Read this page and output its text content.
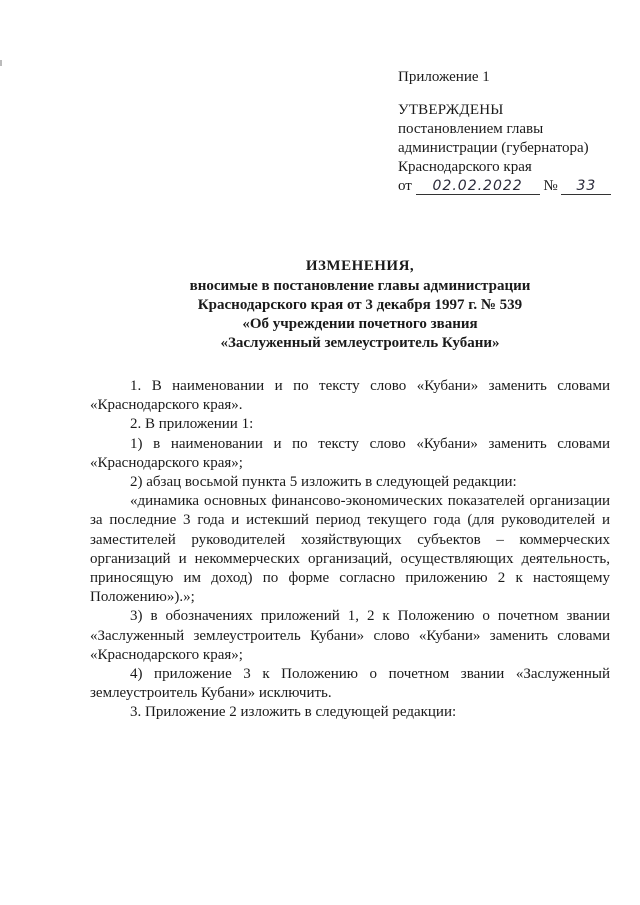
Приложение 1
УТВЕРЖДЕНЫ
постановлением главы
администрации (губернатора)
Краснодарского края
от 02.02.2022 № 33
ИЗМЕНЕНИЯ,
вносимые в постановление главы администрации
Краснодарского края от 3 декабря 1997 г. № 539
«Об учреждении почетного звания
«Заслуженный землеустроитель Кубани»

1. В наименовании и по тексту слово «Кубани» заменить словами «Краснодарского края».

2. В приложении 1:

1) в наименовании и по тексту слово «Кубани» заменить словами «Краснодарского края»;

2) абзац восьмой пункта 5 изложить в следующей редакции:

«динамика основных финансово-экономических показателей организации за последние 3 года и истекший период текущего года (для руководителей и заместителей руководителей хозяйствующих субъектов – коммерческих организаций и некоммерческих организаций, осуществляющих деятельность, приносящую им доход) по форме согласно приложению 2 к настоящему Положению»).»;

3) в обозначениях приложений 1, 2 к Положению о почетном звании «Заслуженный землеустроитель Кубани» слово «Кубани» заменить словами «Краснодарского края»;

4) приложение 3 к Положению о почетном звании «Заслуженный землеустроитель Кубани» исключить.

3. Приложение 2 изложить в следующей редакции:
